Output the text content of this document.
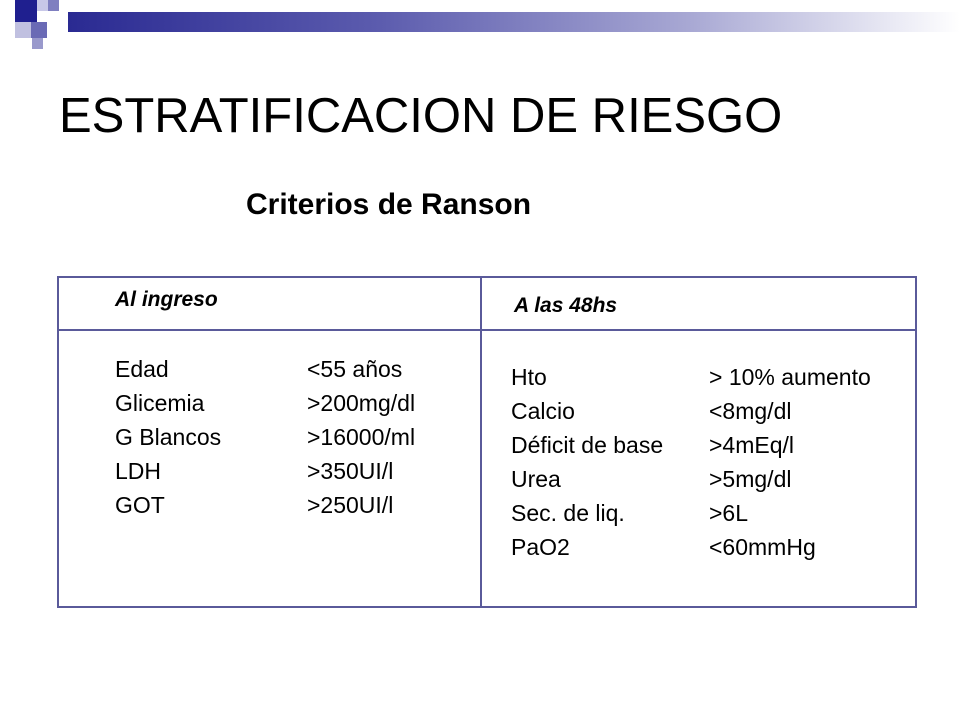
ESTRATIFICACION DE RIESGO
Criterios de Ranson
Al ingreso	A las 48hs
Edad	<55 años
Glicemia	>200mg/dl
G Blancos	>16000/ml
LDH	>350UI/l
GOT	>250UI/l
Hto	> 10% aumento
Calcio	<8mg/dl
Déficit de base	>4mEq/l
Urea	>5mg/dl
Sec. de liq.	>6L
PaO2	<60mmHg
